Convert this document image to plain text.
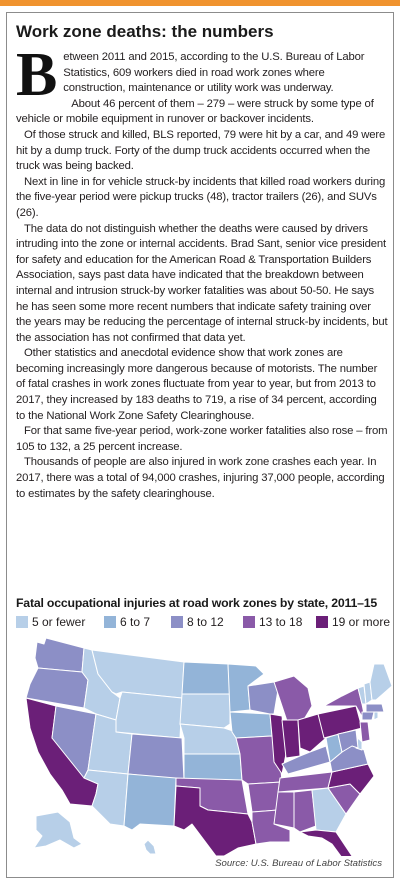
Work zone deaths: the numbers

Between 2011 and 2015, according to the U.S. Bureau of Labor Statistics, 609 workers died in road work zones where construction, maintenance or utility work was underway.

About 46 percent of them – 279 – were struck by some type of vehicle or mobile equipment in runover or backover incidents.

Of those struck and killed, BLS reported, 79 were hit by a car, and 49 were hit by a dump truck. Forty of the dump truck accidents occurred when the truck was being backed.

Next in line in for vehicle struck-by incidents that killed road workers during the five-year period were pickup trucks (48), tractor trailers (26), and SUVs (26).

The data do not distinguish whether the deaths were caused by drivers intruding into the zone or internal accidents. Brad Sant, senior vice president for safety and education for the American Road & Transportation Builders Association, says past data have indicated that the breakdown between internal and intrusion struck-by worker fatalities was about 50-50. He says he has seen some more recent numbers that indicate safety training over the years may be reducing the percentage of internal struck-by incidents, but the association has not confirmed that data yet.

Other statistics and anecdotal evidence show that work zones are becoming increasingly more dangerous because of motorists. The number of fatal crashes in work zones fluctuate from year to year, but from 2013 to 2017, they increased by 183 deaths to 719, a rise of 34 percent, according to the National Work Zone Safety Clearinghouse.

For that same five-year period, work-zone worker fatalities also rose – from 105 to 132, a 25 percent increase.

Thousands of people are also injured in work zone crashes each year. In 2017, there was a total of 94,000 crashes, injuring 37,000 people, according to estimates by the safety clearinghouse.

Fatal occupational injuries at road work zones by state, 2011–15
5 or fewer	6 to 7	8 to 12	13 to 18 19 or more

Source: U.S. Bureau of Labor Statistics
